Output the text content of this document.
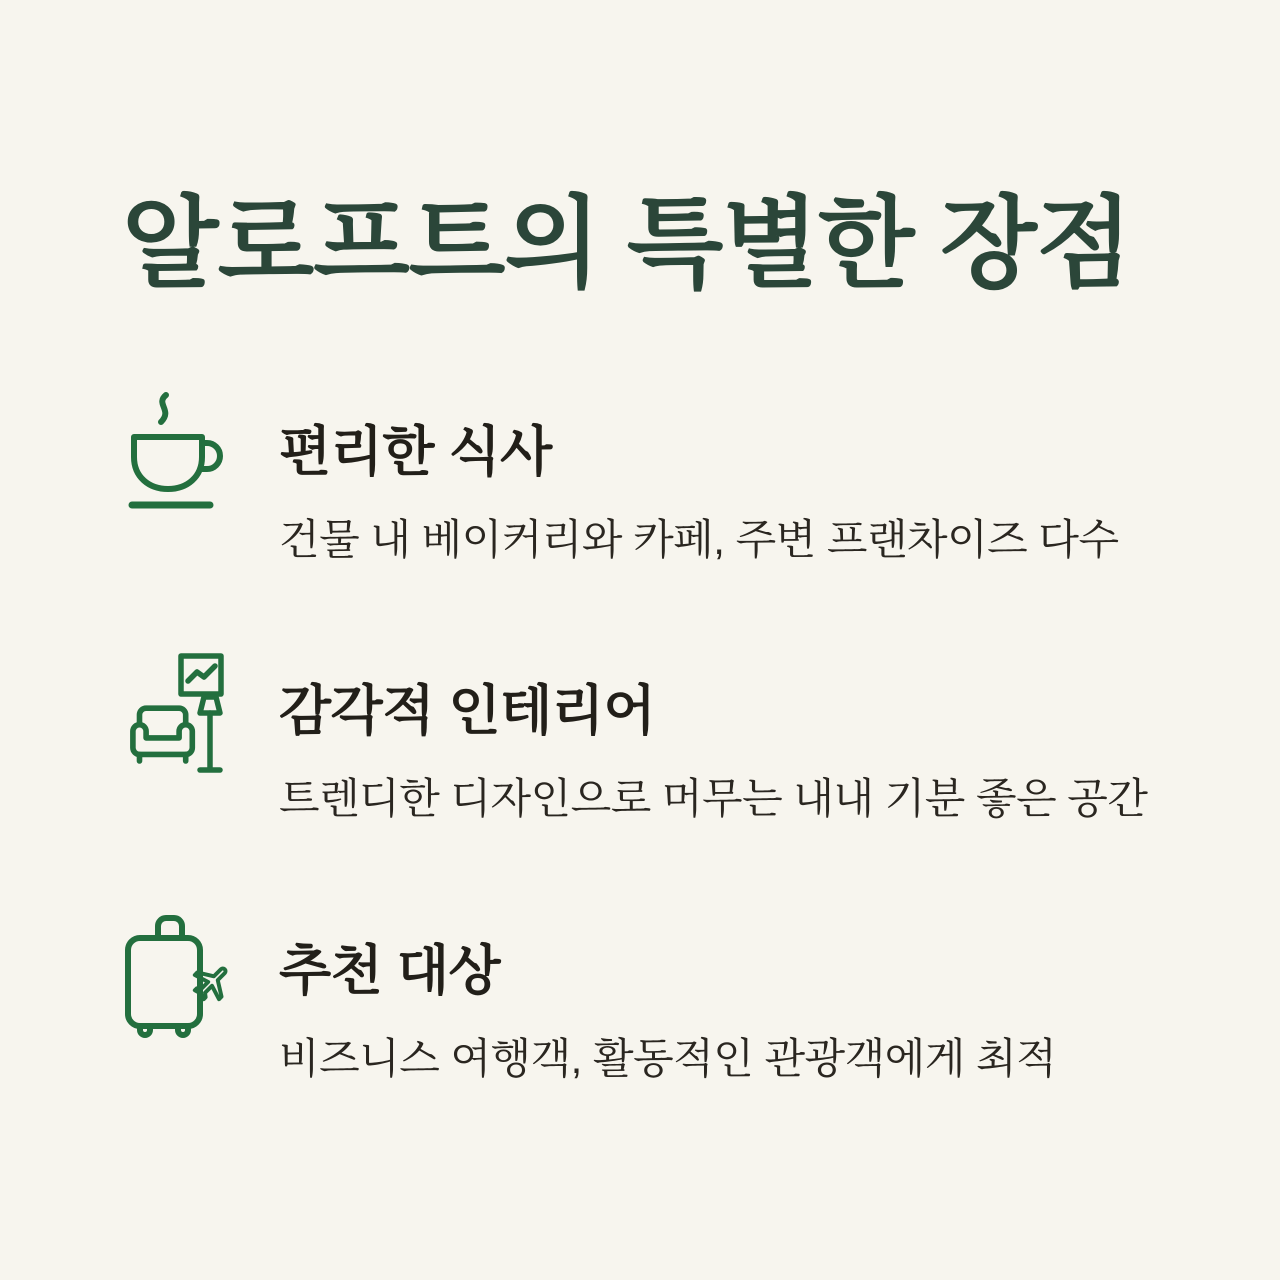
알로프트의 특별한 장점
편리한 식사

건물 내 베이커리와 카페, 주변 프랜차이즈 다수

감각적 인테리어

트렌디한 디자인으로 머무는 내내 기분 좋은 공간

추천 대상

비즈니스 여행객, 활동적인 관광객에게 최적
